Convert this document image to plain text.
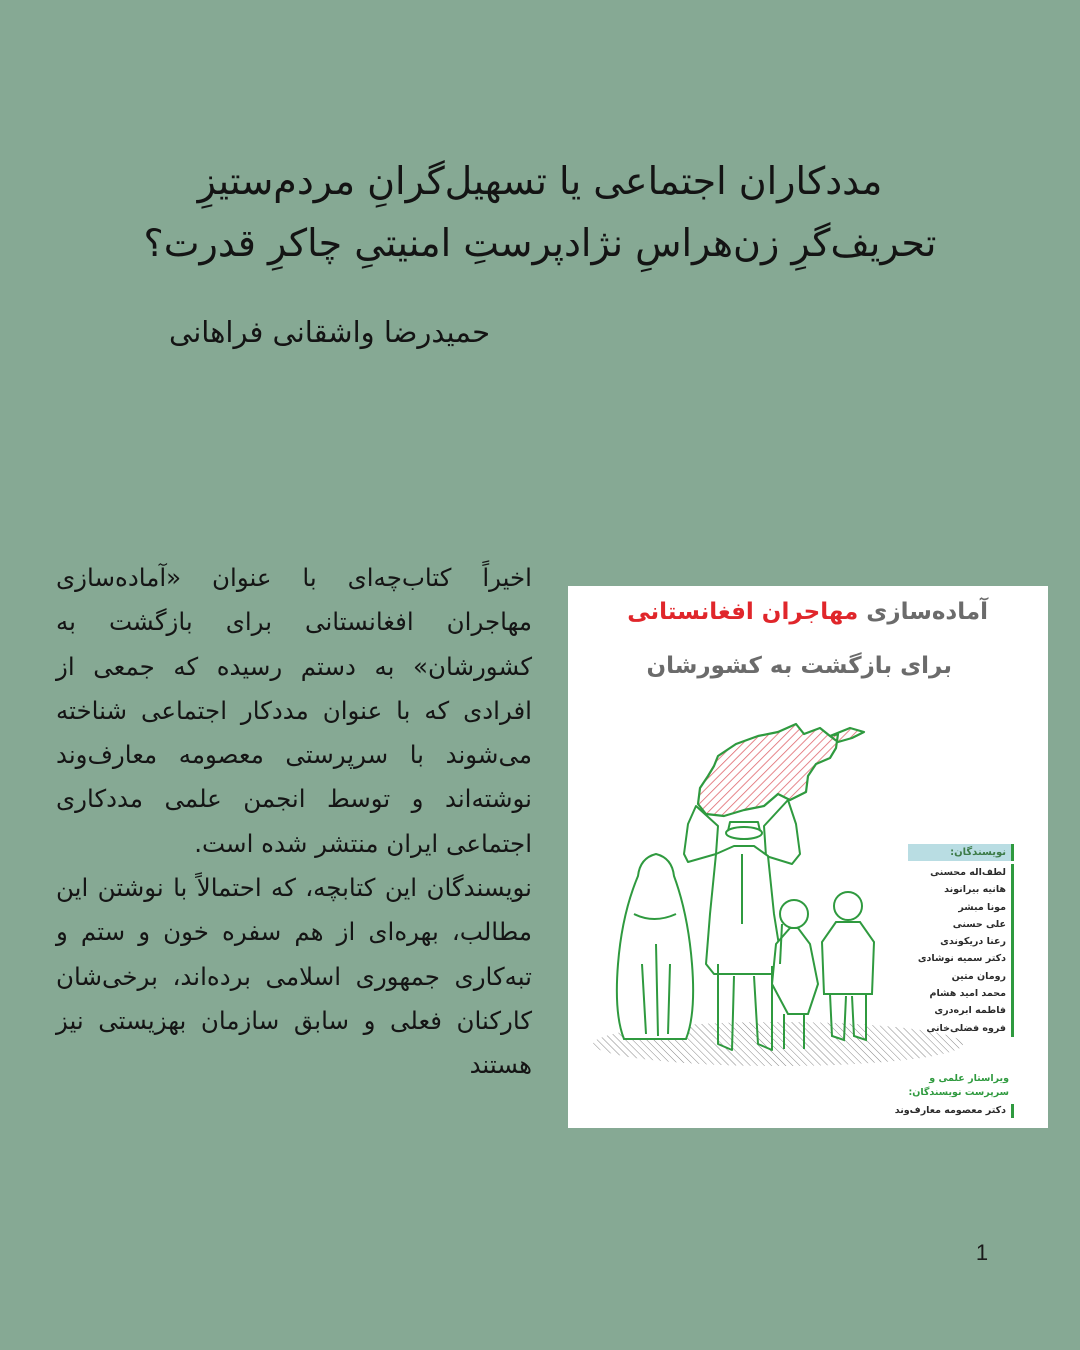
مددکاران اجتماعی یا تسهیل‌گرانِ مردم‌ستیزِ
تحریف‌گرِ زن‌هراسِ نژادپرستِ امنیتیِ چاکرِ قدرت؟
حمیدرضا واشقانی فراهانی

اخیراً کتاب‌چه‌ای با عنوان «آماده‌سازی مهاجران افغانستانی برای بازگشت به کشورشان» به دستم رسیده که جمعی از افرادی که با عنوان مددکار اجتماعی شناخته می‌شوند با سرپرستی معصومه معارف‌وند نوشته‌اند و توسط انجمن علمی مددکاری اجتماعی ایران منتشر شده است.

نویسندگان این کتابچه، که احتمالاً با نوشتن این مطالب، بهره‌ای از هم سفره خون و ستم و تبه‌کاری جمهوری اسلامی برده‌اند، برخی‌شان کارکنان فعلی و سابق سازمان بهزیستی نیز هستند

آماده‌سازی مهاجران افغانستانی
برای بازگشت به کشورشان
نویسندگان:
لطف‌اله محسنی
هانیه بیرانوند
مونا مبشر
علی حسنی
رعنا دریکوندی
دکتر سمیه نوشادی
رومان متین
محمد امید هشام
فاطمه ابره‌دری
فروه فضلی‌خانی
ویراستار علمی و
سرپرست نویسندگان:
دکتر معصومه معارف‌وند
1
